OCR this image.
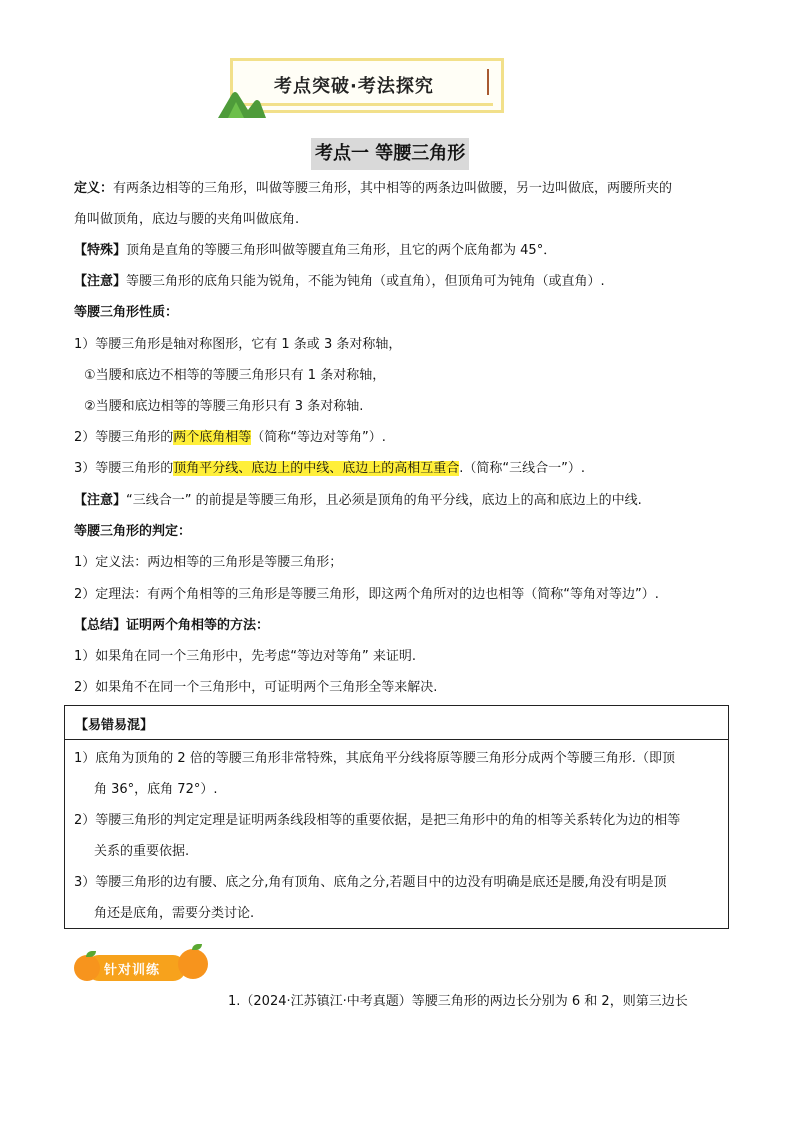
考点突破·考法探究
考点一 等腰三角形
定义：有两条边相等的三角形，叫做等腰三角形，其中相等的两条边叫做腰，另一边叫做底，两腰所夹的
角叫做顶角，底边与腰的夹角叫做底角.
【特殊】顶角是直角的等腰三角形叫做等腰直角三角形，且它的两个底角都为 45°．
【注意】等腰三角形的底角只能为锐角，不能为钝角（或直角），但顶角可为钝角（或直角）.
等腰三角形性质：
1）等腰三角形是轴对称图形，它有 1 条或 3 条对称轴，
①当腰和底边不相等的等腰三角形只有 1 条对称轴，
②当腰和底边相等的等腰三角形只有 3 条对称轴.
2）等腰三角形的两个底角相等（简称“等边对等角”）.
3）等腰三角形的顶角平分线、底边上的中线、底边上的高相互重合.（简称“三线合一”）.
【注意】“三线合一” 的前提是等腰三角形，且必须是顶角的角平分线，底边上的高和底边上的中线.
等腰三角形的判定：
1）定义法：两边相等的三角形是等腰三角形；
2）定理法：有两个角相等的三角形是等腰三角形，即这两个角所对的边也相等（简称“等角对等边”）.
【总结】证明两个角相等的方法：
1）如果角在同一个三角形中，先考虑“等边对等角” 来证明.
2）如果角不在同一个三角形中，可证明两个三角形全等来解决.
【易错易混】
1）底角为顶角的 2 倍的等腰三角形非常特殊，其底角平分线将原等腰三角形分成两个等腰三角形.（即顶
角 36°，底角 72°）.
2）等腰三角形的判定定理是证明两条线段相等的重要依据，是把三角形中的角的相等关系转化为边的相等
关系的重要依据.
3）等腰三角形的边有腰、底之分,角有顶角、底角之分,若题目中的边没有明确是底还是腰,角没有明是顶
角还是底角，需要分类讨论.
针对训练
1.（2024·江苏镇江·中考真题）等腰三角形的两边长分别为 6 和 2，则第三边长
